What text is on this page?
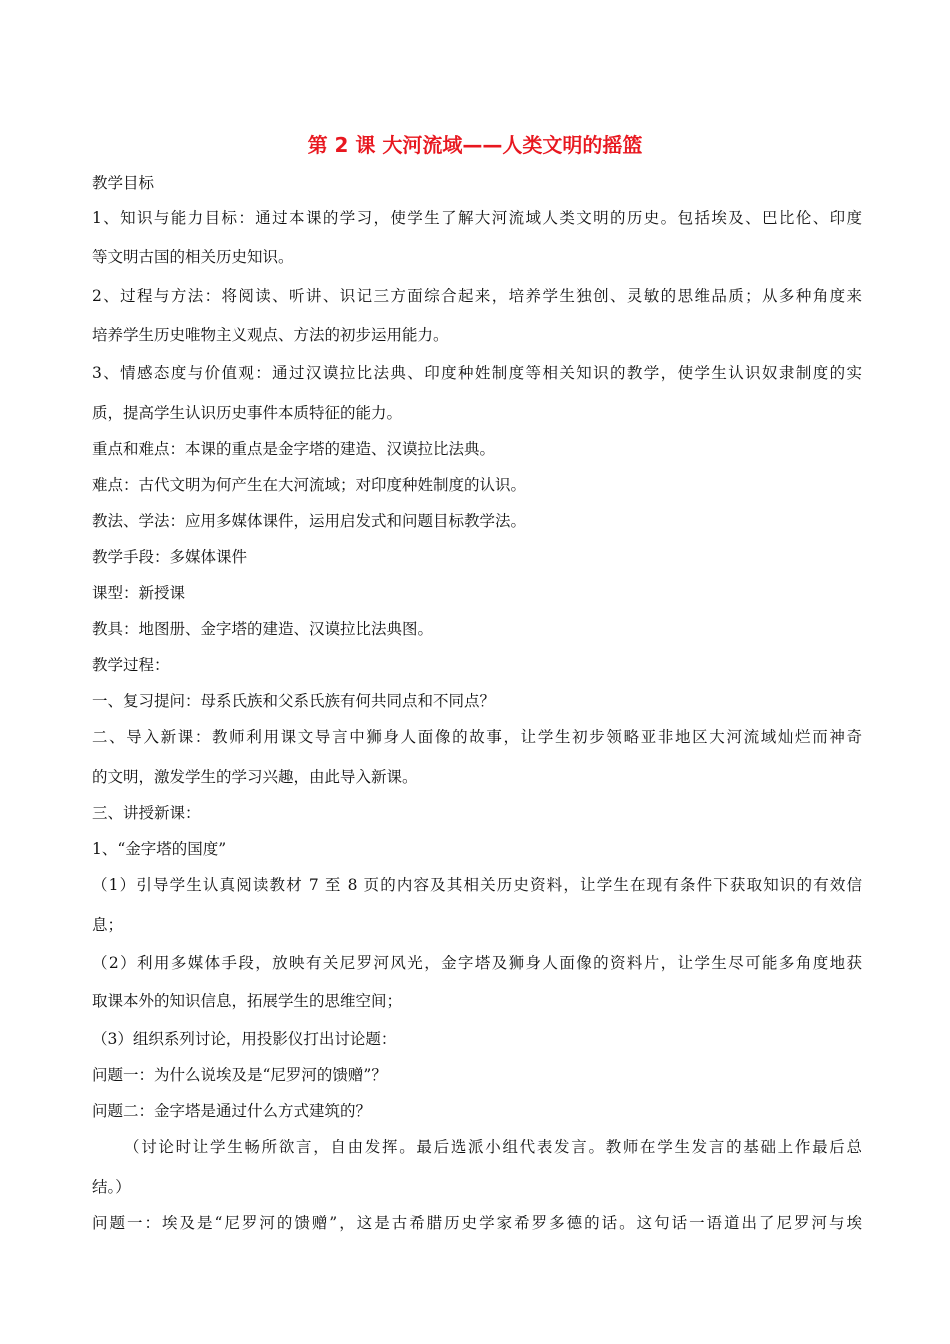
第 2 课 大河流域——人类文明的摇篮
教学目标
1、知识与能力目标：通过本课的学习，使学生了解大河流域人类文明的历史。包括埃及、巴比伦、印度
等文明古国的相关历史知识。
2、过程与方法：将阅读、听讲、识记三方面综合起来，培养学生独创、灵敏的思维品质；从多种角度来
培养学生历史唯物主义观点、方法的初步运用能力。
3、情感态度与价值观：通过汉谟拉比法典、印度种姓制度等相关知识的教学，使学生认识奴隶制度的实
质，提高学生认识历史事件本质特征的能力。
重点和难点：本课的重点是金字塔的建造、汉谟拉比法典。
难点：古代文明为何产生在大河流域；对印度种姓制度的认识。
教法、学法：应用多媒体课件，运用启发式和问题目标教学法。
教学手段：多媒体课件
课型：新授课
教具：地图册、金字塔的建造、汉谟拉比法典图。
教学过程：
一、复习提问：母系氏族和父系氏族有何共同点和不同点？
二、导入新课：教师利用课文导言中狮身人面像的故事，让学生初步领略亚非地区大河流域灿烂而神奇
的文明，激发学生的学习兴趣，由此导入新课。
三、讲授新课：
1、“金字塔的国度”
（1）引导学生认真阅读教材 7 至 8 页的内容及其相关历史资料，让学生在现有条件下获取知识的有效信
息；
（2）利用多媒体手段，放映有关尼罗河风光，金字塔及狮身人面像的资料片，让学生尽可能多角度地获
取课本外的知识信息，拓展学生的思维空间；
（3）组织系列讨论，用投影仪打出讨论题：
问题一：为什么说埃及是“尼罗河的馈赠”？
问题二：金字塔是通过什么方式建筑的？
（讨论时让学生畅所欲言，自由发挥。最后选派小组代表发言。教师在学生发言的基础上作最后总
结。）
问题一：埃及是“尼罗河的馈赠”，这是古希腊历史学家希罗多德的话。这句话一语道出了尼罗河与埃
